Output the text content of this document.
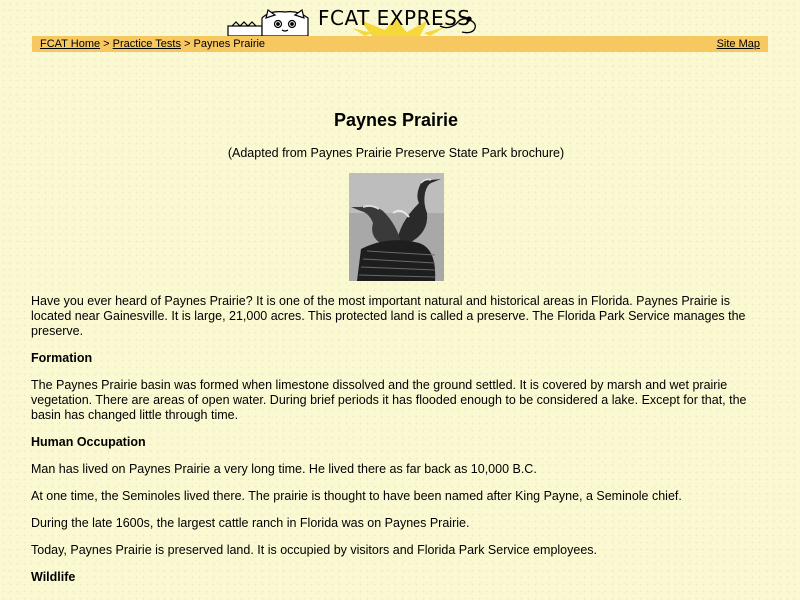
FCAT EXPRESS
FCAT Home > Practice Tests > Paynes Prairie	Site Map
Paynes Prairie
(Adapted from Paynes Prairie Preserve State Park brochure)

Have you ever heard of Paynes Prairie? It is one of the most important natural and historical areas in Florida. Paynes Prairie is located near Gainesville. It is large, 21,000 acres. This protected land is called a preserve. The Florida Park Service manages the preserve.

Formation

The Paynes Prairie basin was formed when limestone dissolved and the ground settled. It is covered by marsh and wet prairie vegetation. There are areas of open water. During brief periods it has flooded enough to be considered a lake. Except for that, the basin has changed little through time.

Human Occupation

Man has lived on Paynes Prairie a very long time. He lived there as far back as 10,000 B.C.

At one time, the Seminoles lived there. The prairie is thought to have been named after King Payne, a Seminole chief.

During the late 1600s, the largest cattle ranch in Florida was on Paynes Prairie.

Today, Paynes Prairie is preserved land. It is occupied by visitors and Florida Park Service employees.

Wildlife
